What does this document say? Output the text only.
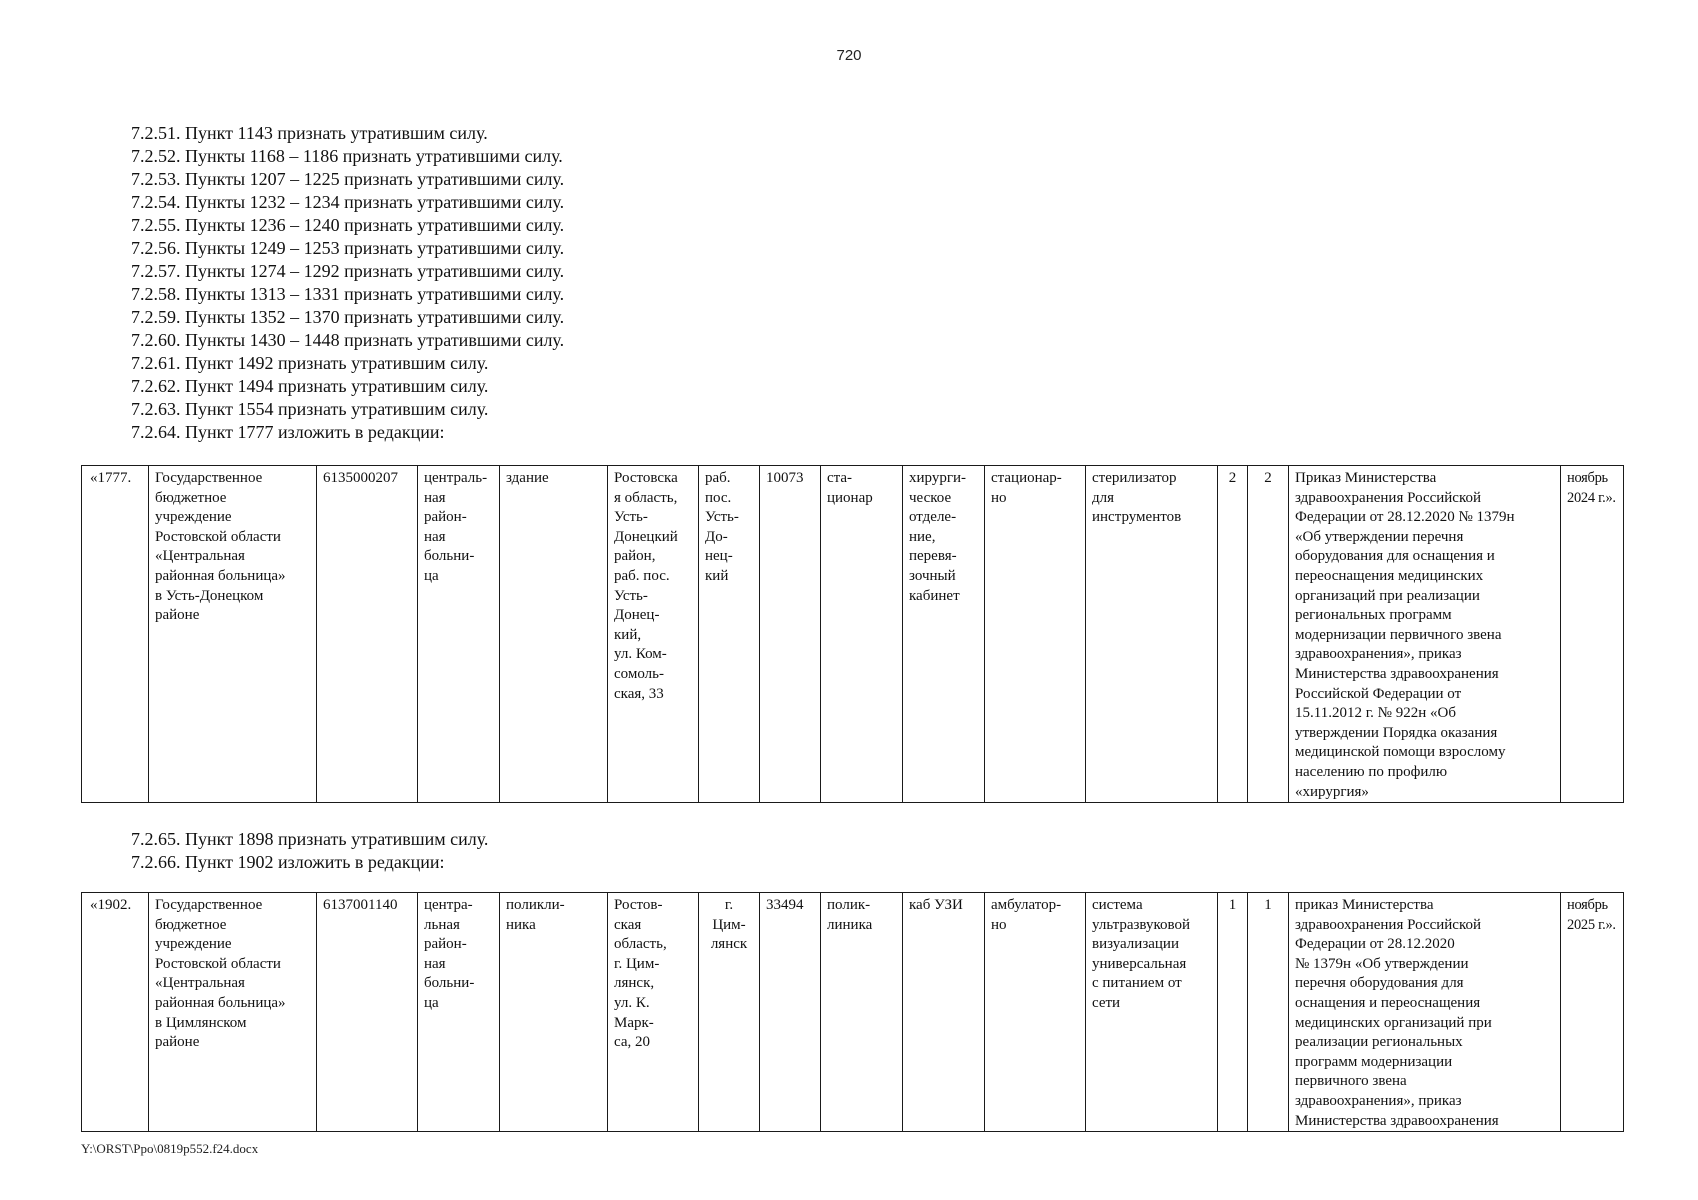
720
7.2.51. Пункт 1143 признать утратившим силу.
7.2.52. Пункты 1168 – 1186 признать утратившими силу.
7.2.53. Пункты 1207 – 1225 признать утратившими силу.
7.2.54. Пункты 1232 – 1234 признать утратившими силу.
7.2.55. Пункты 1236 – 1240 признать утратившими силу.
7.2.56. Пункты 1249 – 1253 признать утратившими силу.
7.2.57. Пункты 1274 – 1292 признать утратившими силу.
7.2.58. Пункты 1313 – 1331 признать утратившими силу.
7.2.59. Пункты 1352 – 1370 признать утратившими силу.
7.2.60. Пункты 1430 – 1448 признать утратившими силу.
7.2.61. Пункт 1492 признать утратившим силу.
7.2.62. Пункт 1494 признать утратившим силу.
7.2.63. Пункт 1554 признать утратившим силу.
7.2.64. Пункт 1777 изложить в редакции:
«1777.	Государственное
бюджетное
учреждение
Ростовской области
«Центральная
районная больница»
в Усть-Донецком
районе	6135000207	централь-
ная
район-
ная
больни-
ца	здание	Ростовска
я область,
Усть-
Донецкий
район,
раб. пос.
Усть-
Донец-
кий,
ул. Ком-
сомоль-
ская, 33	раб.
пос.
Усть-
До-
нец-
кий	10073	ста-
ционар	хирурги-
ческое
отделе-
ние,
перевя-
зочный
кабинет	стационар-
но	стерилизатор
для
инструментов	2	2	Приказ Министерства
здравоохранения Российской
Федерации от 28.12.2020 № 1379н
«Об утверждении перечня
оборудования для оснащения и
переоснащения медицинских
организаций при реализации
региональных программ
модернизации первичного звена
здравоохранения», приказ
Министерства здравоохранения
Российской Федерации от
15.11.2012 г. № 922н «Об
утверждении Порядка оказания
медицинской помощи взрослому
населению по профилю
«хирургия»	ноябрь
2024 г.».
7.2.65. Пункт 1898 признать утратившим силу.
7.2.66. Пункт 1902 изложить в редакции:
«1902.	Государственное
бюджетное
учреждение
Ростовской области
«Центральная
районная больница»
в Цимлянском
районе	6137001140	центра-
льная
район-
ная
больни-
ца	поликли-
ника	Ростов-
ская
область,
г. Цим-
лянск,
ул. К.
Марк-
са, 20	г.
Цим-
лянск	33494	полик-
линика	каб УЗИ	амбулатор-
но	система
ультразвуковой
визуализации
универсальная
с питанием от
сети	1	1	приказ Министерства
здравоохранения Российской
Федерации от 28.12.2020
№ 1379н «Об утверждении
перечня оборудования для
оснащения и переоснащения
медицинских организаций при
реализации региональных
программ модернизации
первичного звена
здравоохранения», приказ
Министерства здравоохранения	ноябрь
2025 г.».
Y:\ORST\Ppo\0819p552.f24.docx
